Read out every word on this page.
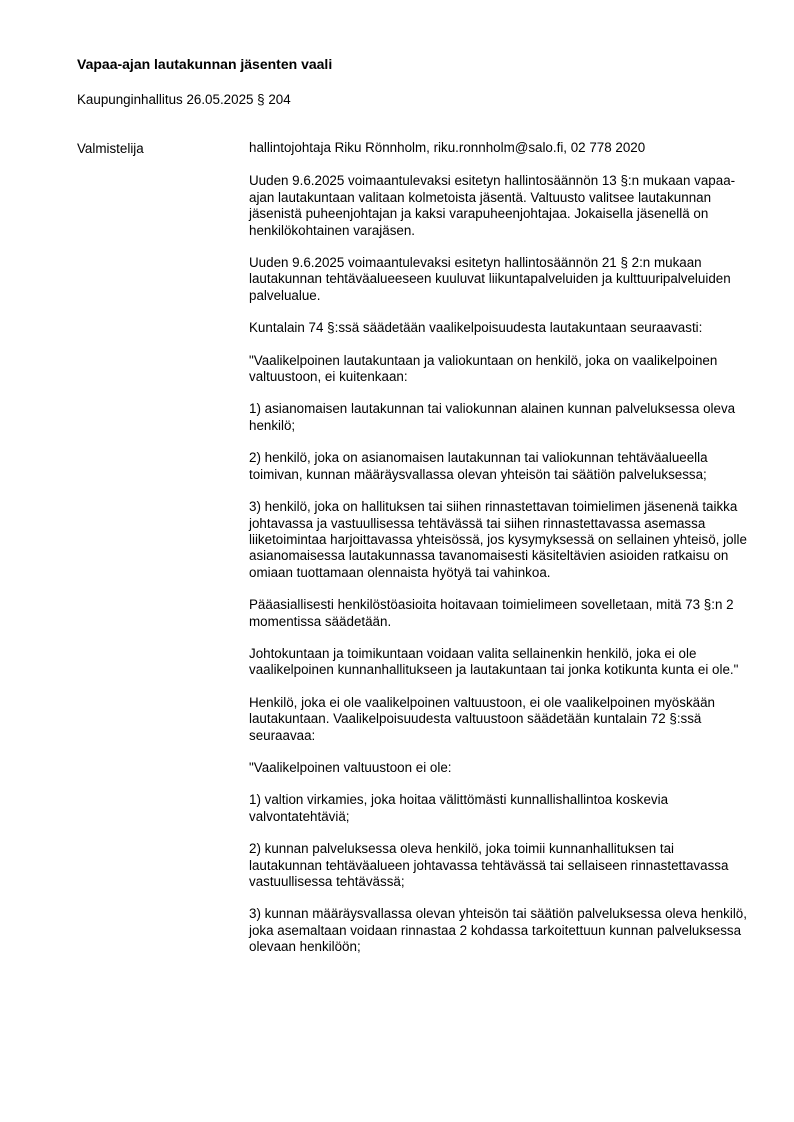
Vapaa-ajan lautakunnan jäsenten vaali
Kaupunginhallitus 26.05.2025 § 204
Valmistelija	hallintojohtaja Riku Rönnholm, riku.ronnholm@salo.fi, 02 778 2020

Uuden 9.6.2025 voimaantulevaksi esitetyn hallintosäännön 13 §:n mukaan vapaa-ajan lautakuntaan valitaan kolmetoista jäsentä. Valtuusto valitsee lautakunnan jäsenistä puheenjohtajan ja kaksi varapuheenjohtajaa. Jokaisella jäsenellä on henkilökohtainen varajäsen.

Uuden 9.6.2025 voimaantulevaksi esitetyn hallintosäännön 21 § 2:n mukaan lautakunnan tehtäväalueeseen kuuluvat liikuntapalveluiden ja kulttuuripalveluiden palvelualue.

Kuntalain 74 §:ssä säädetään vaalikelpoisuudesta lautakuntaan seuraavasti:

"Vaalikelpoinen lautakuntaan ja valiokuntaan on henkilö, joka on vaalikelpoinen valtuustoon, ei kuitenkaan:

1) asianomaisen lautakunnan tai valiokunnan alainen kunnan palveluksessa oleva henkilö;

2) henkilö, joka on asianomaisen lautakunnan tai valiokunnan tehtäväalueella toimivan, kunnan määräysvallassa olevan yhteisön tai säätiön palveluksessa;

3) henkilö, joka on hallituksen tai siihen rinnastettavan toimielimen jäsenenä taikka johtavassa ja vastuullisessa tehtävässä tai siihen rinnastettavassa asemassa liiketoimintaa harjoittavassa yhteisössä, jos kysymyksessä on sellainen yhteisö, jolle asianomaisessa lautakunnassa tavanomaisesti käsiteltävien asioiden ratkaisu on omiaan tuottamaan olennaista hyötyä tai vahinkoa.

Pääasiallisesti henkilöstöasioita hoitavaan toimielimeen sovelletaan, mitä 73 §:n 2 momentissa säädetään.

Johtokuntaan ja toimikuntaan voidaan valita sellainenkin henkilö, joka ei ole vaalikelpoinen kunnanhallitukseen ja lautakuntaan tai jonka kotikunta kunta ei ole."

Henkilö, joka ei ole vaalikelpoinen valtuustoon, ei ole vaalikelpoinen myöskään lautakuntaan. Vaalikelpoisuudesta valtuustoon säädetään kuntalain 72 §:ssä seuraavaa:

"Vaalikelpoinen valtuustoon ei ole:

1) valtion virkamies, joka hoitaa välittömästi kunnallishallintoa koskevia valvontatehtäviä;

2) kunnan palveluksessa oleva henkilö, joka toimii kunnanhallituksen tai lautakunnan tehtäväalueen johtavassa tehtävässä tai sellaiseen rinnastettavassa vastuullisessa tehtävässä;

3) kunnan määräysvallassa olevan yhteisön tai säätiön palveluksessa oleva henkilö, joka asemaltaan voidaan rinnastaa 2 kohdassa tarkoitettuun kunnan palveluksessa olevaan henkilöön;
